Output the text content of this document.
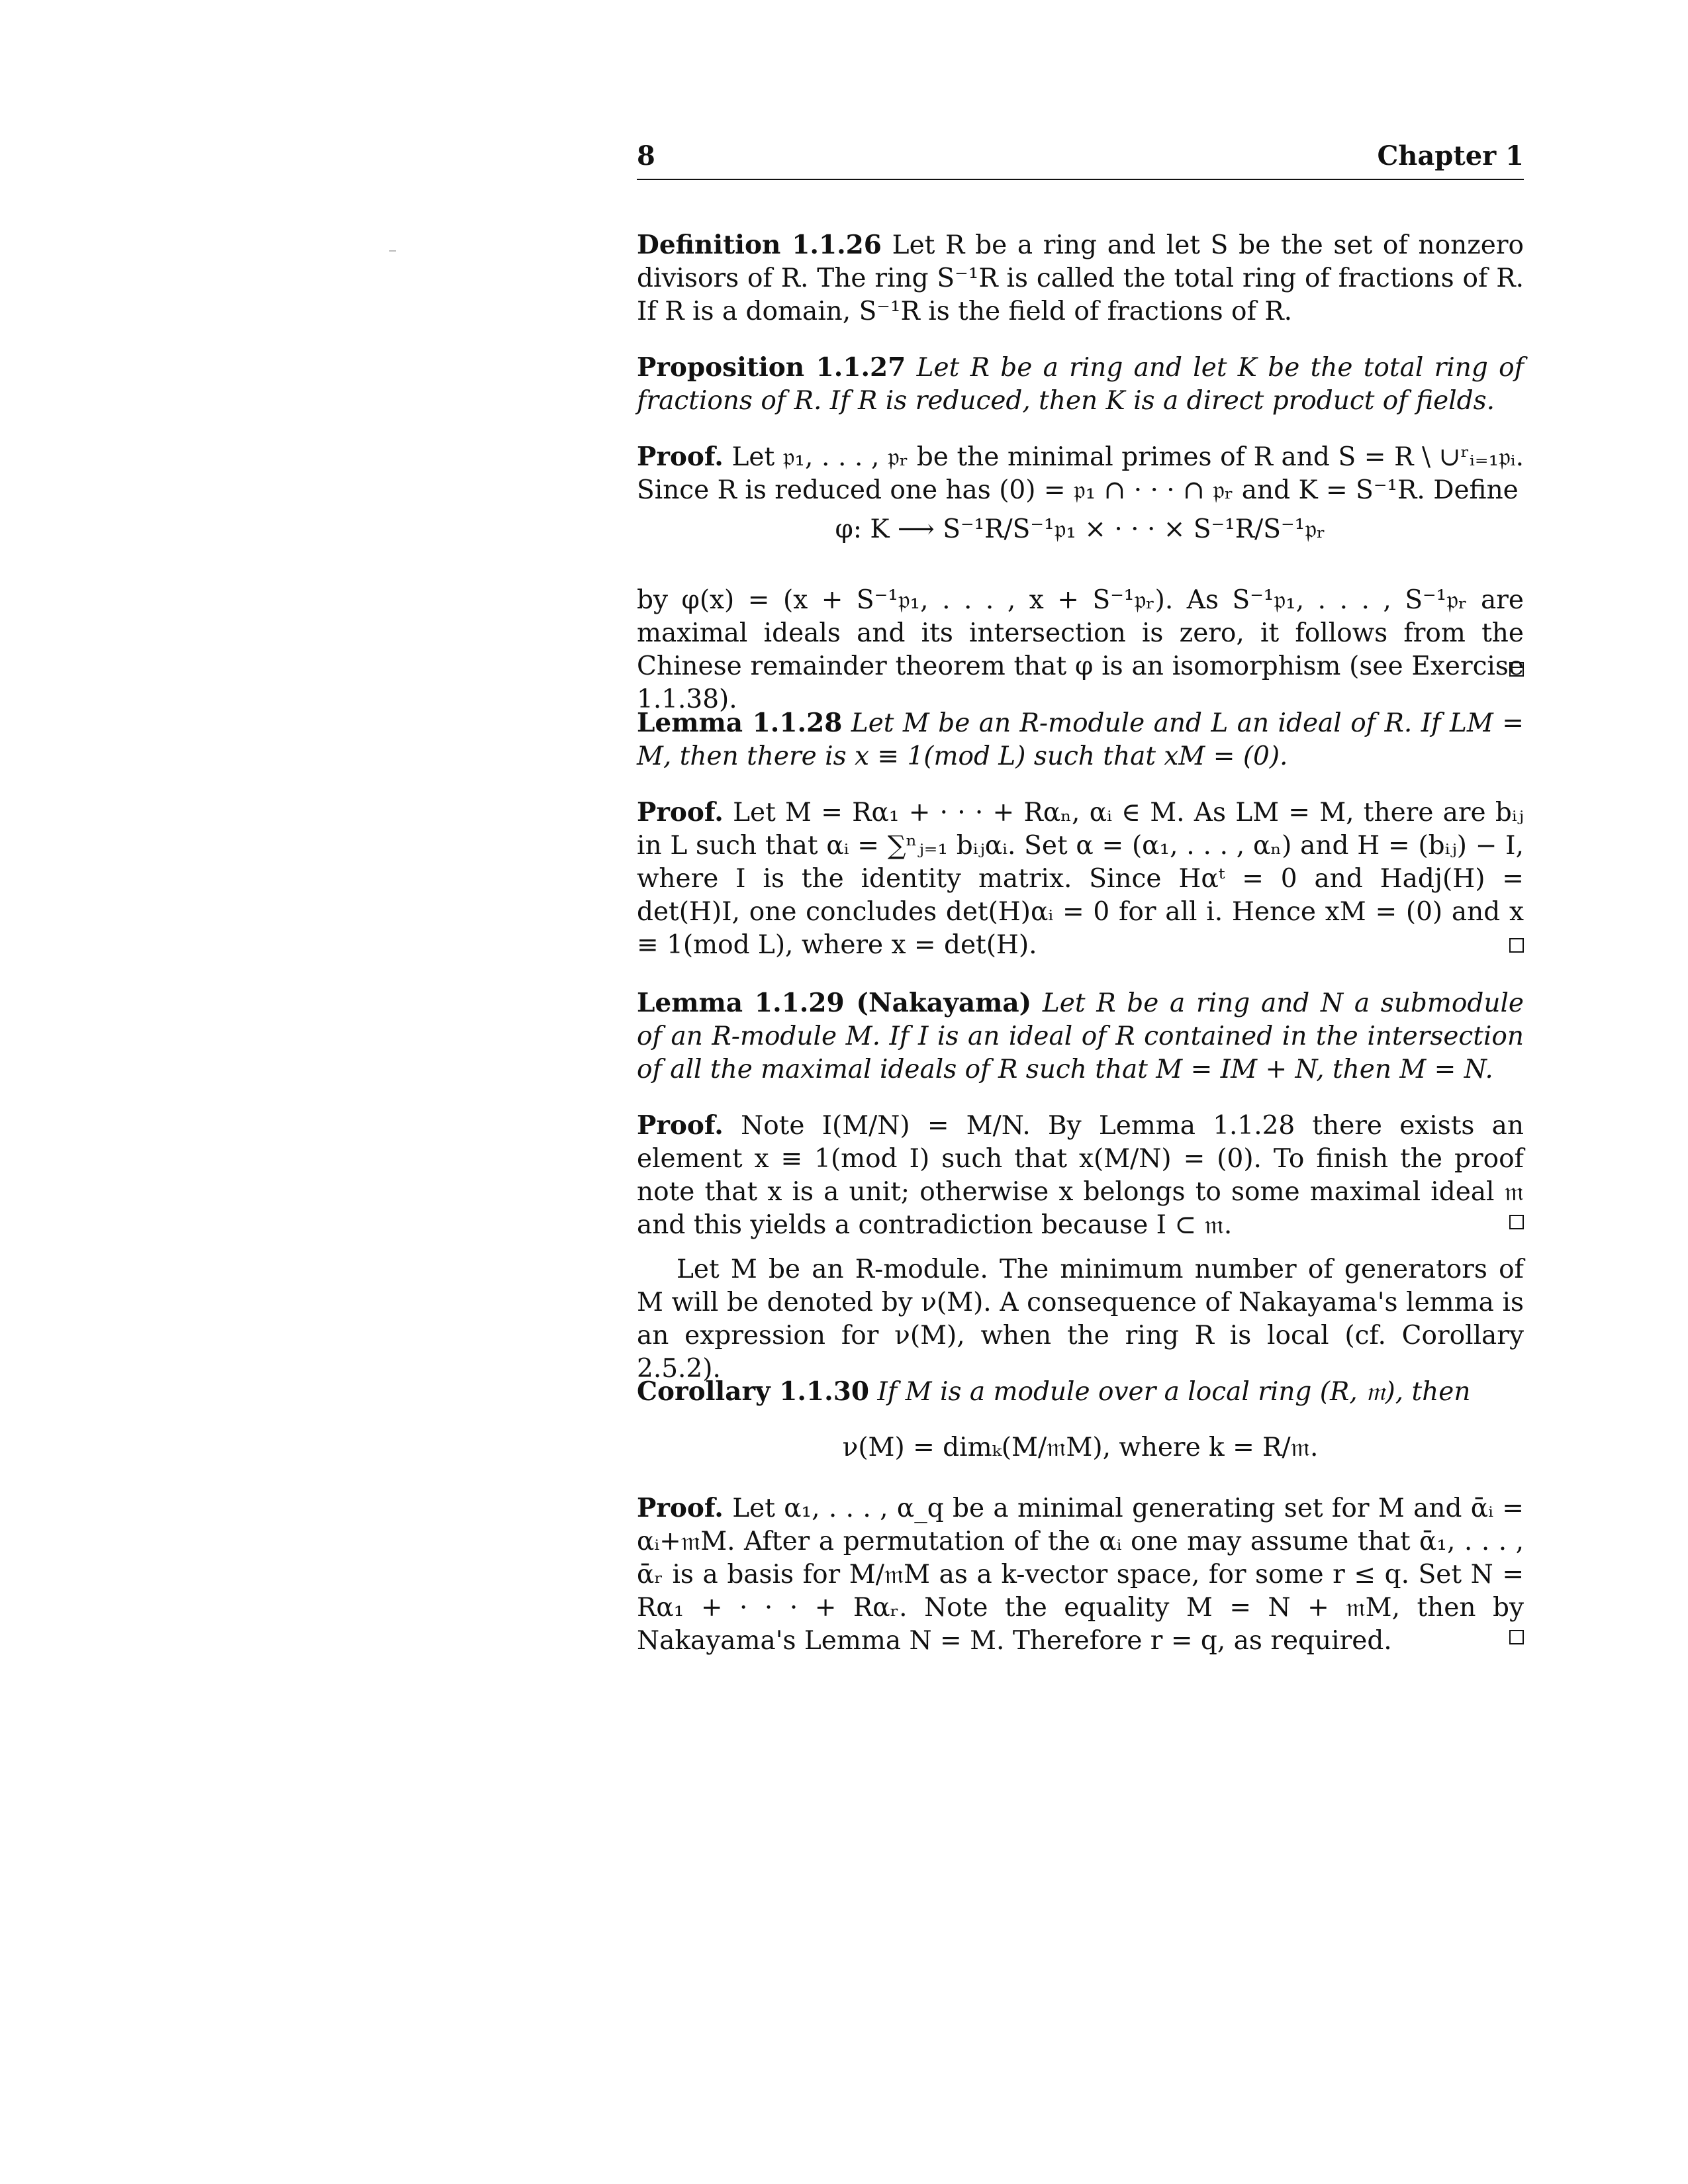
8	Chapter 1
Definition 1.1.26 Let R be a ring and let S be the set of nonzero divisors of R. The ring S⁻¹R is called the total ring of fractions of R. If R is a domain, S⁻¹R is the field of fractions of R.
Proposition 1.1.27 Let R be a ring and let K be the total ring of fractions of R. If R is reduced, then K is a direct product of fields.
Proof. Let 𝔭₁, . . . , 𝔭ᵣ be the minimal primes of R and S = R \ ∪ʳᵢ₌₁𝔭ᵢ. Since R is reduced one has (0) = 𝔭₁ ∩ · · · ∩ 𝔭ᵣ and K = S⁻¹R. Define
φ: K ⟶ S⁻¹R/S⁻¹𝔭₁ × · · · × S⁻¹R/S⁻¹𝔭ᵣ
by φ(x) = (x + S⁻¹𝔭₁, . . . , x + S⁻¹𝔭ᵣ). As S⁻¹𝔭₁, . . . , S⁻¹𝔭ᵣ are maximal ideals and its intersection is zero, it follows from the Chinese remainder theorem that φ is an isomorphism (see Exercise 1.1.38).
Lemma 1.1.28 Let M be an R-module and L an ideal of R. If LM = M, then there is x ≡ 1(mod L) such that xM = (0).
Proof. Let M = Rα₁ + · · · + Rαₙ, αᵢ ∈ M. As LM = M, there are bᵢⱼ in L such that αᵢ = ∑ⁿⱼ₌₁ bᵢⱼαᵢ. Set α = (α₁, . . . , αₙ) and H = (bᵢⱼ) − I, where I is the identity matrix. Since Hαᵗ = 0 and Hadj(H) = det(H)I, one concludes det(H)αᵢ = 0 for all i. Hence xM = (0) and x ≡ 1(mod L), where x = det(H).
Lemma 1.1.29 (Nakayama) Let R be a ring and N a submodule of an R-module M. If I is an ideal of R contained in the intersection of all the maximal ideals of R such that M = IM + N, then M = N.
Proof. Note I(M/N) = M/N. By Lemma 1.1.28 there exists an element x ≡ 1(mod I) such that x(M/N) = (0). To finish the proof note that x is a unit; otherwise x belongs to some maximal ideal 𝔪 and this yields a contradiction because I ⊂ 𝔪.
Let M be an R-module. The minimum number of generators of M will be denoted by ν(M). A consequence of Nakayama's lemma is an expression for ν(M), when the ring R is local (cf. Corollary 2.5.2).
Corollary 1.1.30 If M is a module over a local ring (R, 𝔪), then
ν(M) = dimₖ(M/𝔪M), where k = R/𝔪.
Proof. Let α₁, . . . , α_q be a minimal generating set for M and ᾱᵢ = αᵢ+𝔪M. After a permutation of the αᵢ one may assume that ᾱ₁, . . . , ᾱᵣ is a basis for M/𝔪M as a k-vector space, for some r ≤ q. Set N = Rα₁ + · · · + Rαᵣ. Note the equality M = N + 𝔪M, then by Nakayama's Lemma N = M. Therefore r = q, as required.
